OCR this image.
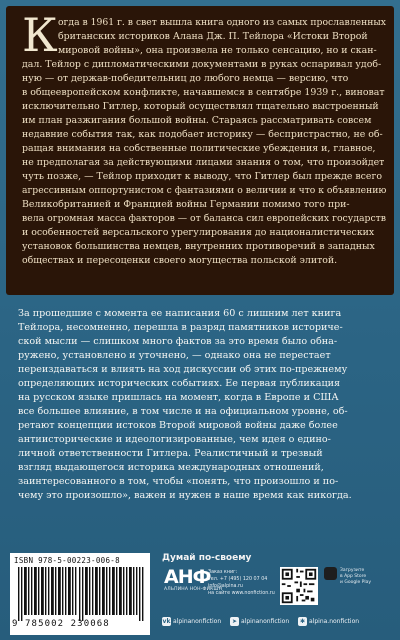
К огда в 1961 г. в свет вышла книга одного из самых прославленных
британских историков Алана Дж. П. Тейлора «Истоки Второй
мировой войны», она произвела не только сенсацию, но и скан-
дал. Тейлор с дипломатическими документами в руках оспаривал удоб-
ную — от держав-победительниц до любого немца — версию, что
в общеевропейском конфликте, начавшемся в сентябре 1939 г., виноват
исключительно Гитлер, который осуществлял тщательно выстроенный
им план разжигания большой войны. Стараясь рассматривать совсем
недавние события так, как подобает историку — беспристрастно, не об-
ращая внимания на собственные политические убеждения и, главное,
не предполагая за действующими лицами знания о том, что произойдет
чуть позже, — Тейлор приходит к выводу, что Гитлер был прежде всего
агрессивным оппортунистом с фантазиями о величии и что к объявлению
Великобританией и Францией войны Германии помимо того при-
вела огромная масса факторов — от баланса сил европейских государств
и особенностей версальского урегулирования до националистических
установок большинства немцев, внутренних противоречий в западных
обществах и пересоценки своего могущества польской элитой.
За прошедшие с момента ее написания 60 с лишним лет книга
Тейлора, несомненно, перешла в разряд памятников историче-
ской мысли — слишком много фактов за это время было обна-
ружено, установлено и уточнено, — однако она не перестает
переиздаваться и влиять на ход дискуссии об этих по-прежнему
определяющих исторических событиях. Ее первая публикация
на русском языке пришлась на момент, когда в Европе и США
все большее влияние, в том числе и на официальном уровне, об-
ретают концепции истоков Второй мировой войны даже более
антиисторические и идеологизированные, чем идея о едино-
личной ответственности Гитлера. Реалистичный и трезвый
взгляд выдающегося историка международных отношений,
заинтересованного в том, чтобы «понять, что произошло и по-
чему это произошло», важен и нужен в наше время как никогда.
ISBN 978-5-00223-006-8
9 785002 230068
Думай по-своему
АНФ
АЛЬПИНА НОН-ФИКШН
Заказ книг:
тел. +7 (495) 120 07 04
info@alpina.ru
на сайте www.nonfiction.ru
Загрузите
в App Store
и Google Play
vk alpinanonfiction	➤ alpinanonfiction	✱ alpina.nonfiction
